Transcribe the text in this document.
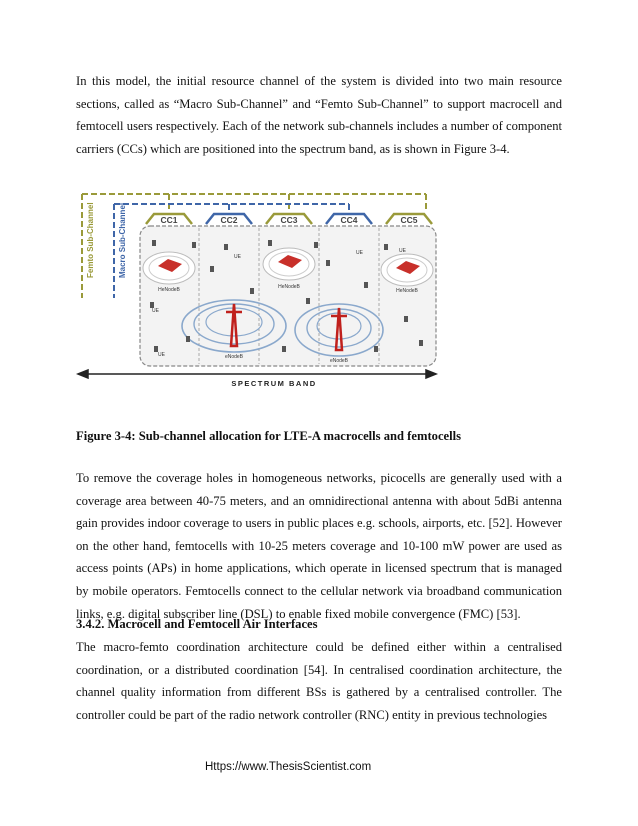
In this model, the initial resource channel of the system is divided into two main resource sections, called as “Macro Sub-Channel” and “Femto Sub-Channel” to support macrocell and femtocell users respectively. Each of the network sub-channels includes a number of component carriers (CCs) which are positioned into the spectrum band, as is shown in Figure 3-4.

Femto Sub-Channel	Macro Sub-Channel	CC1	CC2	CC3	CC4	CC5
HeNodeB	HeNodeB
HeNodeB
eNodeB
eNodeB
UE
UE
UE
UE	UE
SPECTRUM BAND

Figure 3-4: Sub-channel allocation for LTE-A macrocells and femtocells

To remove the coverage holes in homogeneous networks, picocells are generally used with a coverage area between 40-75 meters, and an omnidirectional antenna with about 5dBi antenna gain provides indoor coverage to users in public places e.g. schools, airports, etc. [52]. However on the other hand, femtocells with 10-25 meters coverage and 10-100 mW power are used as access points (APs) in home applications, which operate in licensed spectrum that is managed by mobile operators. Femtocells connect to the cellular network via broadband communication links, e.g. digital subscriber line (DSL) to enable fixed mobile convergence (FMC) [53].

3.4.2. Macrocell and Femtocell Air Interfaces

The macro-femto coordination architecture could be defined either within a centralised coordination, or a distributed coordination [54]. In centralised coordination architecture, the channel quality information from different BSs is gathered by a centralised controller. The controller could be part of the radio network controller (RNC) entity in previous technologies

Https://www.ThesisScientist.com
